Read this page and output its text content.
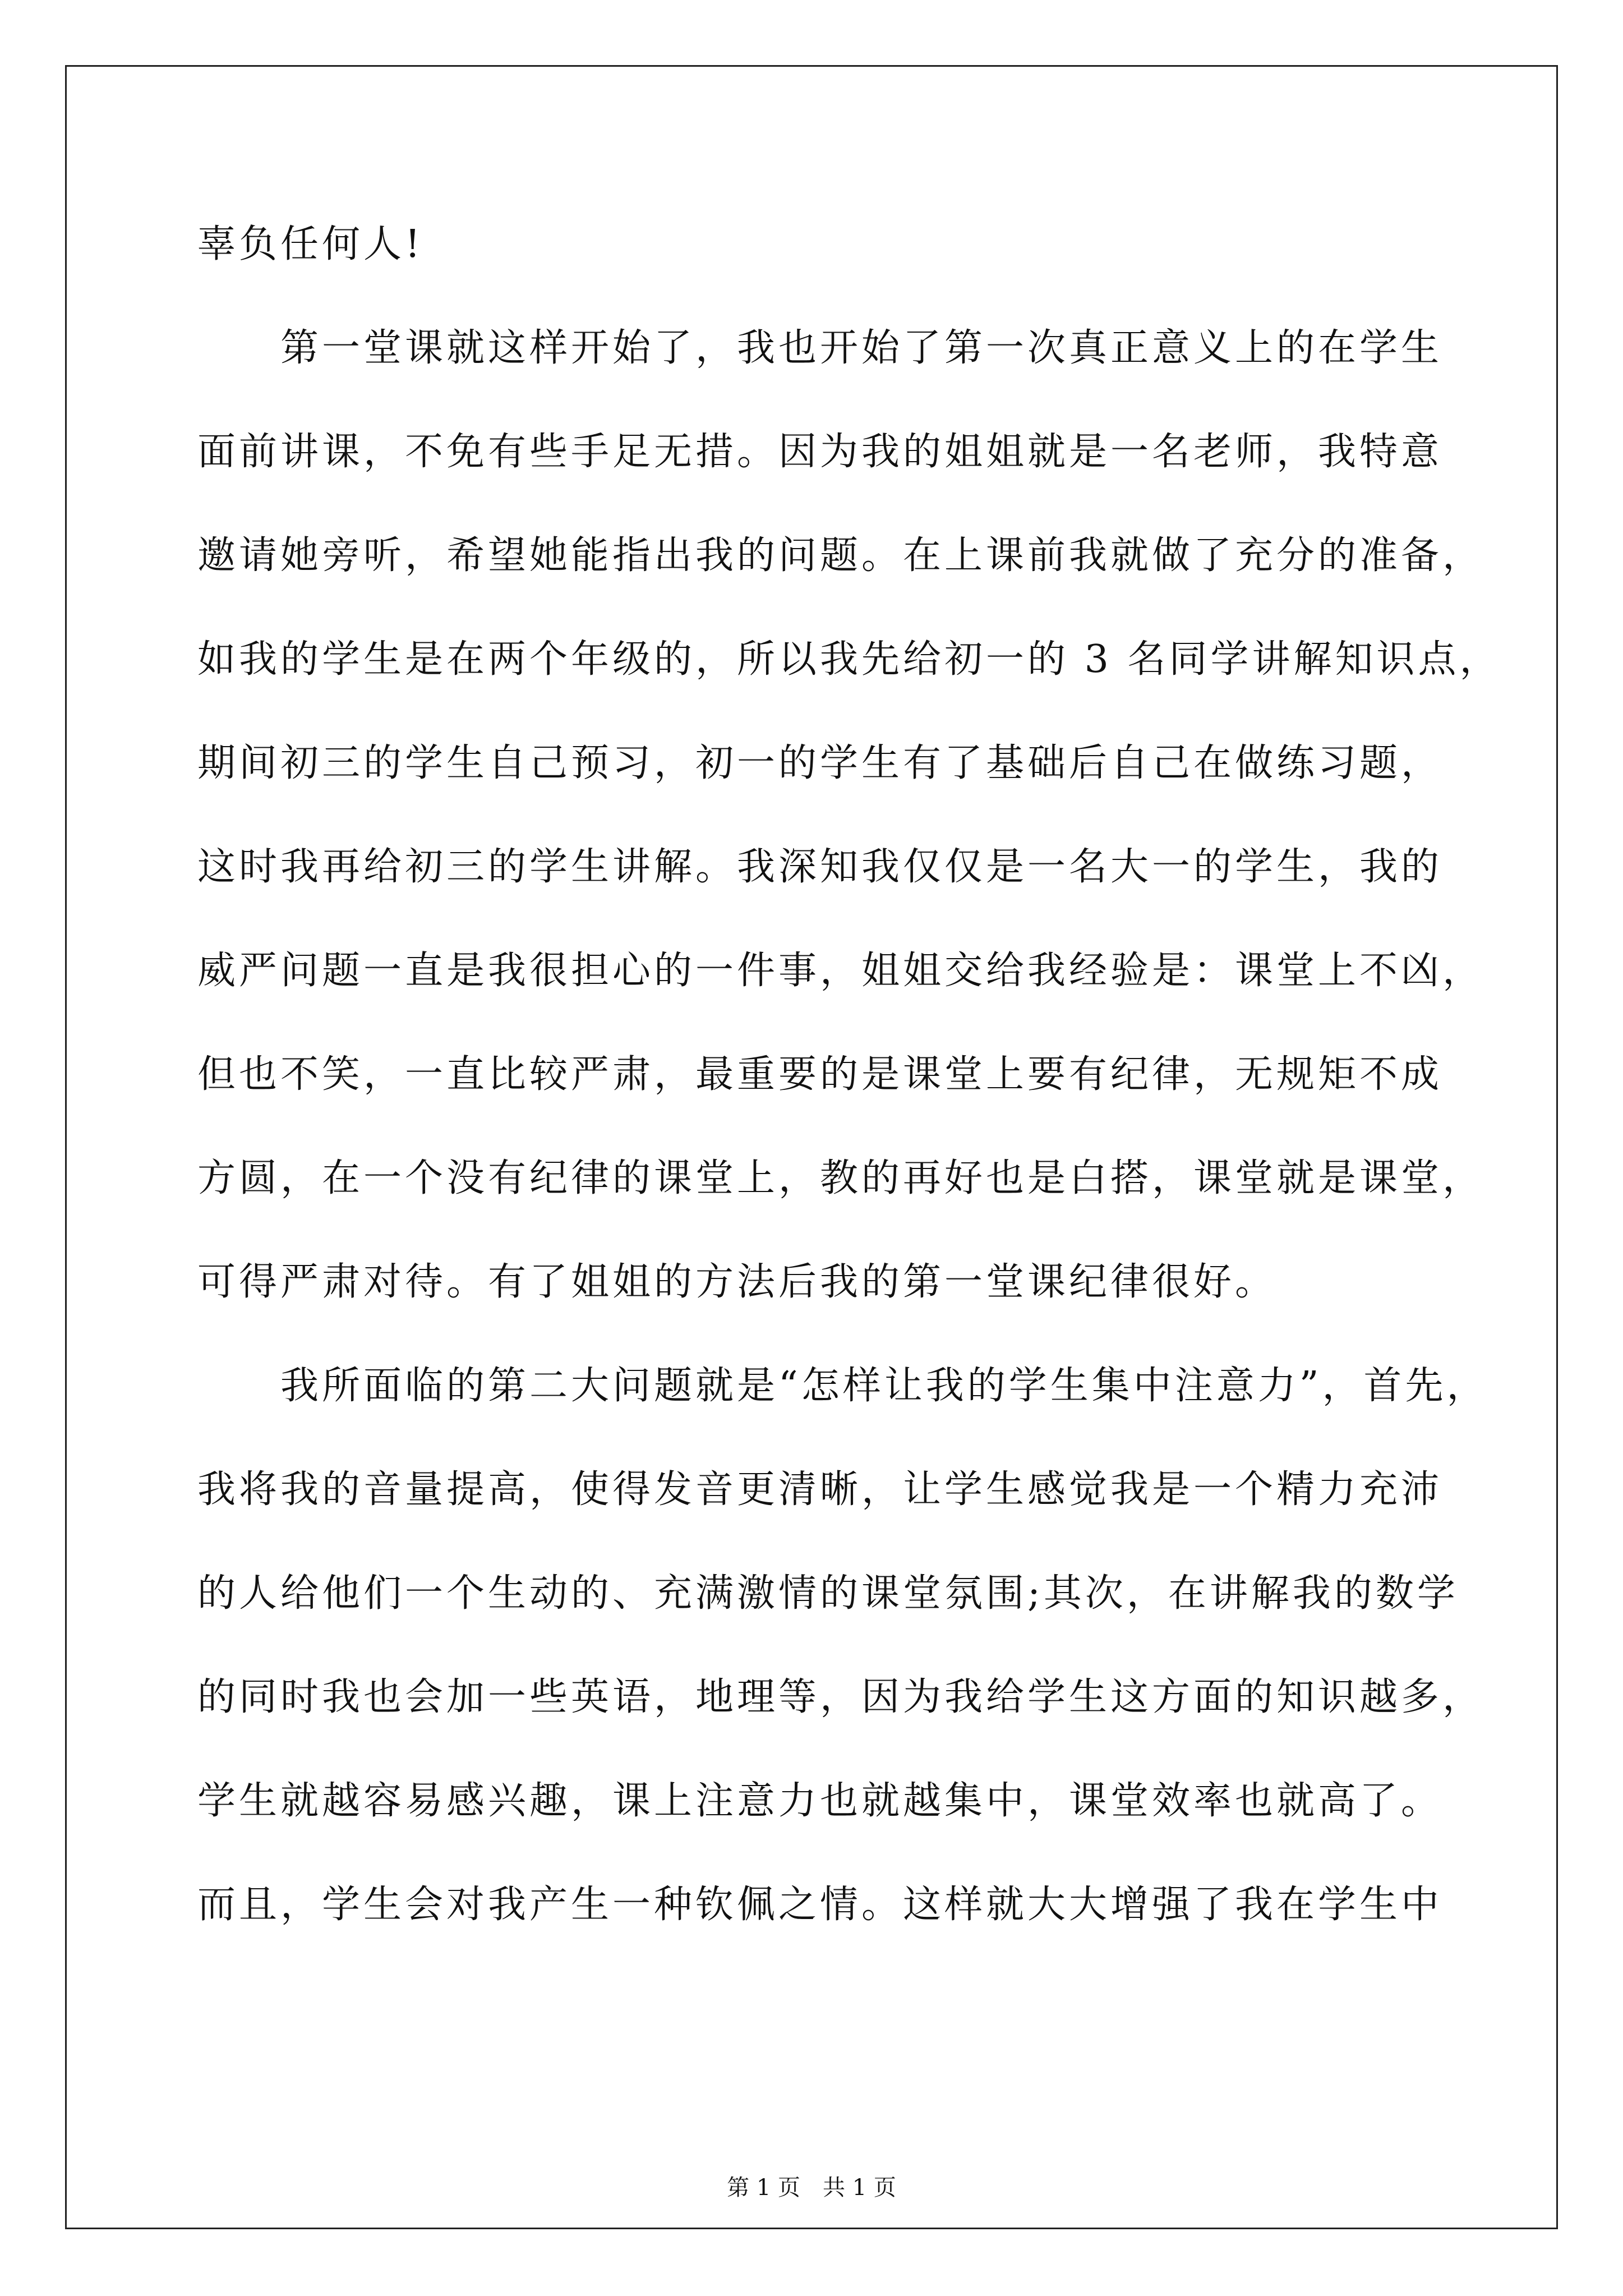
辜负任何人!
　　第一堂课就这样开始了，我也开始了第一次真正意义上的在学生
面前讲课，不免有些手足无措。因为我的姐姐就是一名老师，我特意
邀请她旁听，希望她能指出我的问题。在上课前我就做了充分的准备，
如我的学生是在两个年级的，所以我先给初一的 3 名同学讲解知识点，
期间初三的学生自己预习，初一的学生有了基础后自己在做练习题，
这时我再给初三的学生讲解。我深知我仅仅是一名大一的学生，我的
威严问题一直是我很担心的一件事，姐姐交给我经验是：课堂上不凶，
但也不笑，一直比较严肃，最重要的是课堂上要有纪律，无规矩不成
方圆，在一个没有纪律的课堂上，教的再好也是白搭，课堂就是课堂，
可得严肃对待。有了姐姐的方法后我的第一堂课纪律很好。
　　我所面临的第二大问题就是“怎样让我的学生集中注意力”，首先，
我将我的音量提高，使得发音更清晰，让学生感觉我是一个精力充沛
的人给他们一个生动的、充满激情的课堂氛围;其次，在讲解我的数学
的同时我也会加一些英语，地理等，因为我给学生这方面的知识越多，
学生就越容易感兴趣，课上注意力也就越集中，课堂效率也就高了。
而且，学生会对我产生一种钦佩之情。这样就大大增强了我在学生中
第 1 页　共 1 页
